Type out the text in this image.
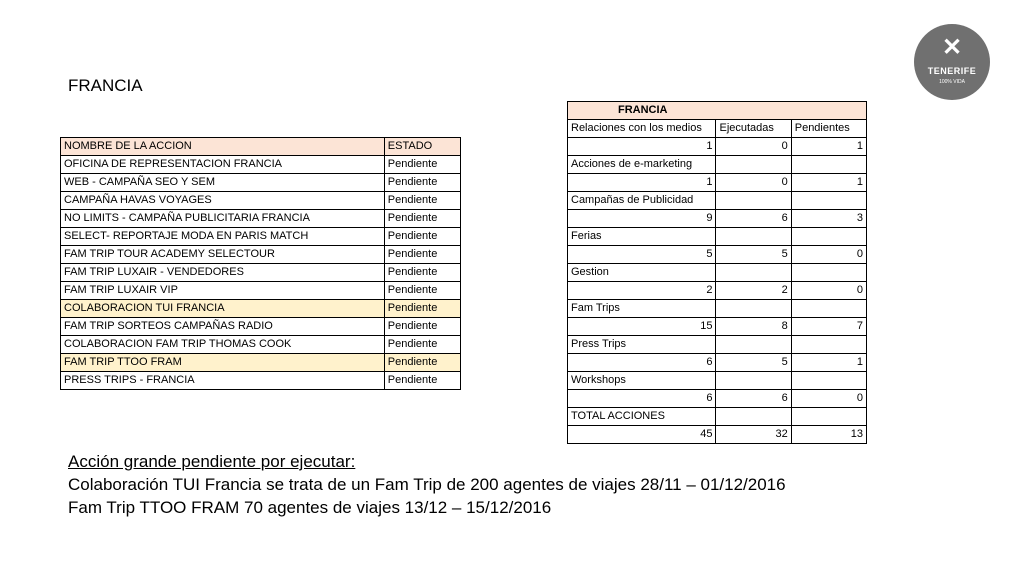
FRANCIA
✕
TENERIFE
100% VIDA
NOMBRE DE LA ACCION	ESTADO
OFICINA DE REPRESENTACION FRANCIA	Pendiente
WEB - CAMPAÑA SEO Y SEM	Pendiente
CAMPAÑA HAVAS VOYAGES	Pendiente
NO LIMITS - CAMPAÑA PUBLICITARIA FRANCIA	Pendiente
SELECT- REPORTAJE MODA EN PARIS MATCH	Pendiente
FAM TRIP TOUR ACADEMY SELECTOUR	Pendiente
FAM TRIP LUXAIR - VENDEDORES	Pendiente
FAM TRIP LUXAIR VIP	Pendiente
COLABORACION TUI FRANCIA	Pendiente
FAM TRIP SORTEOS CAMPAÑAS RADIO	Pendiente
COLABORACION FAM TRIP THOMAS COOK	Pendiente
FAM TRIP TTOO FRAM	Pendiente
PRESS TRIPS - FRANCIA	Pendiente
FRANCIA		
Relaciones con los medios	Ejecutadas	Pendientes
1	0	1
Acciones de e-marketing		
1	0	1
Campañas de Publicidad		
9	6	3
Ferias		
5	5	0
Gestion		
2	2	0
Fam Trips		
15	8	7
Press Trips		
6	5	1
Workshops		
6	6	0
TOTAL ACCIONES		
45	32	13
Acción grande pendiente por ejecutar:
Colaboración TUI Francia se trata de un Fam Trip de 200 agentes de viajes 28/11 – 01/12/2016
Fam Trip TTOO FRAM 70 agentes de viajes 13/12 – 15/12/2016
